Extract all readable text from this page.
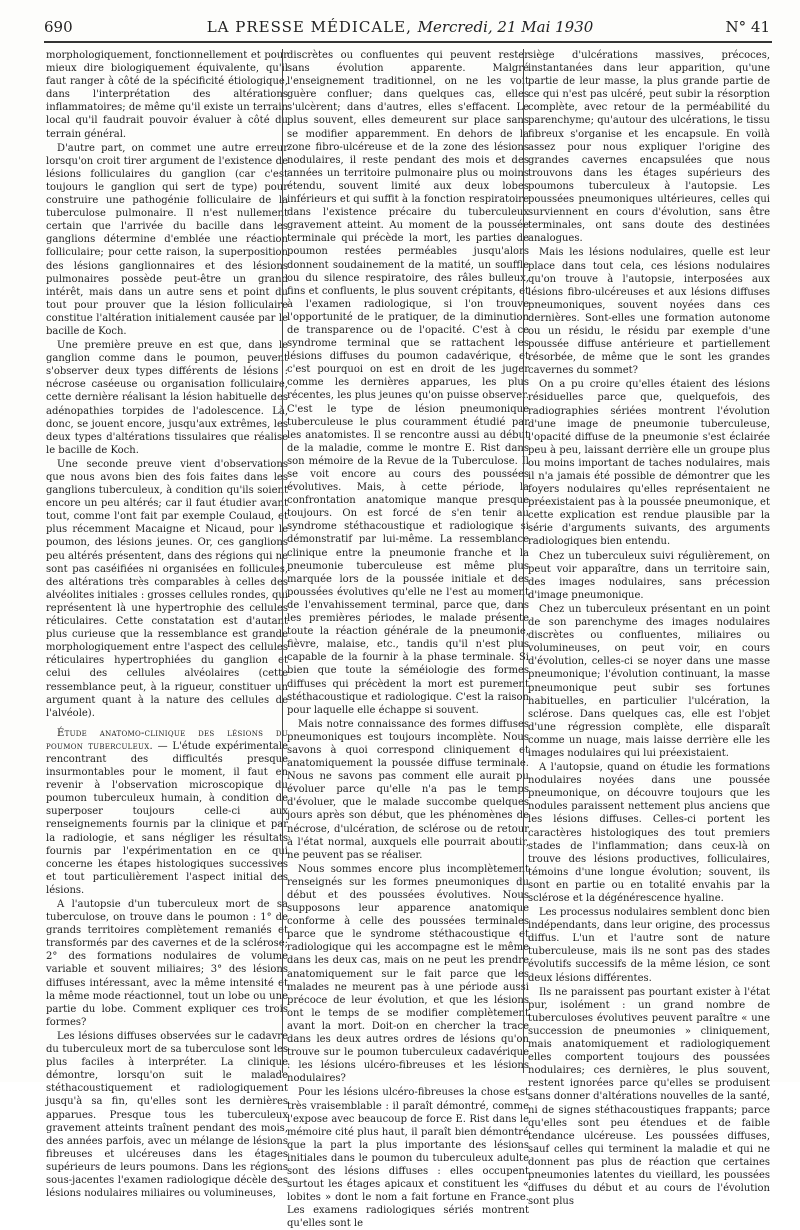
690	LA PRESSE MÉDICALE, Mercredi, 21 Mai 1930	N° 41

morphologiquement, fonctionnellement et pour mieux dire biologiquement équivalente, qu'il faut ranger à côté de la spécificité étiologique, dans l'interprétation des altérations inflammatoires; de même qu'il existe un terrain local qu'il faudrait pouvoir évaluer à côté du terrain général.

D'autre part, on commet une autre erreur lorsqu'on croit tirer argument de l'existence de lésions folliculaires du ganglion (car c'est toujours le ganglion qui sert de type) pour construire une pathogénie folliculaire de la tuberculose pulmonaire. Il n'est nullement certain que l'arrivée du bacille dans les ganglions détermine d'emblée une réaction folliculaire; pour cette raison, la superposition des lésions ganglionnaires et des lésions pulmonaires possède peut-être un grand intérêt, mais dans un autre sens et point du tout pour prouver que la lésion folliculaire constitue l'altération initialement causée par le bacille de Koch.

Une première preuve en est que, dans le ganglion comme dans le poumon, peuvent s'observer deux types différents de lésions : nécrose caséeuse ou organisation folliculaire, cette dernière réalisant la lésion habituelle des adénopathies torpides de l'adolescence. Là, donc, se jouent encore, jusqu'aux extrêmes, les deux types d'altérations tissulaires que réalise le bacille de Koch.

Une seconde preuve vient d'observations que nous avons bien des fois faites dans les ganglions tuberculeux, à condition qu'ils soient encore un peu altérés; car il faut étudier avant tout, comme l'ont fait par exemple Coulaud, et plus récemment Macaigne et Nicaud, pour le poumon, des lésions jeunes. Or, ces ganglions peu altérés présentent, dans des régions qui ne sont pas caséifiées ni organisées en follicules, des altérations très comparables à celles des alvéolites initiales : grosses cellules rondes, qui représentent là une hypertrophie des cellules réticulaires. Cette constatation est d'autant plus curieuse que la ressemblance est grande morphologiquement entre l'aspect des cellules réticulaires hypertrophiées du ganglion et celui des cellules alvéolaires (cette ressemblance peut, à la rigueur, constituer un argument quant à la nature des cellules de l'alvéole).

Étude anatomo-clinique des lésions du poumon tuberculeux. — L'étude expérimentale rencontrant des difficultés presque insurmontables pour le moment, il faut en revenir à l'observation microscopique du poumon tuberculeux humain, à condition de superposer toujours celle-ci aux renseignements fournis par la clinique et par la radiologie, et sans négliger les résultats fournis par l'expérimentation en ce qui concerne les étapes histologiques successives et tout particulièrement l'aspect initial des lésions.

A l'autopsie d'un tuberculeux mort de sa tuberculose, on trouve dans le poumon : 1° de grands territoires complètement remaniés et transformés par des cavernes et de la sclérose; 2° des formations nodulaires de volume variable et souvent miliaires; 3° des lésions diffuses intéressant, avec la même intensité et la même mode réactionnel, tout un lobe ou une partie du lobe. Comment expliquer ces trois formes?

Les lésions diffuses observées sur le cadavre du tuberculeux mort de sa tuberculose sont les plus faciles à interpréter. La clinique démontre, lorsqu'on suit le malade stéthacoustiquement et radiologiquement jusqu'à sa fin, qu'elles sont les dernières apparues. Presque tous les tuberculeux gravement atteints traînent pendant des mois, des années parfois, avec un mélange de lésions fibreuses et ulcéreuses dans les étages supérieurs de leurs poumons. Dans les régions sous-jacentes l'examen radiologique décèle des lésions nodulaires miliaires ou volumineuses,

discrètes ou confluentes qui peuvent rester sans évolution apparente. Malgré l'enseignement traditionnel, on ne les voit guère confluer; dans quelques cas, elles s'ulcèrent; dans d'autres, elles s'effacent. Le plus souvent, elles demeurent sur place sans se modifier apparemment. En dehors de la zone fibro-ulcéreuse et de la zone des lésions nodulaires, il reste pendant des mois et des années un territoire pulmonaire plus ou moins étendu, souvent limité aux deux lobes inférieurs et qui suffit à la fonction respiratoire dans l'existence précaire du tuberculeux gravement atteint. Au moment de la poussée terminale qui précède la mort, les parties de poumon restées perméables jusqu'alors donnent soudainement de la matité, un souffle ou du silence respiratoire, des râles bulleux, fins et confluents, le plus souvent crépitants, et à l'examen radiologique, si l'on trouve l'opportunité de le pratiquer, de la diminution de transparence ou de l'opacité. C'est à ce syndrome terminal que se rattachent les lésions diffuses du poumon cadavérique, et c'est pourquoi on est en droit de les juger comme les dernières apparues, les plus récentes, les plus jeunes qu'on puisse observer. C'est le type de lésion pneumonique tuberculeuse le plus couramment étudié par les anatomistes. Il se rencontre aussi au début de la maladie, comme le montre E. Rist dans son mémoire de la Revue de la Tuberculose. Il se voit encore au cours des poussées évolutives. Mais, à cette période, la confrontation anatomique manque presque toujours. On est forcé de s'en tenir au syndrome stéthacoustique et radiologique si démonstratif par lui-même. La ressemblance clinique entre la pneumonie franche et la pneumonie tuberculeuse est même plus marquée lors de la poussée initiale et des poussées évolutives qu'elle ne l'est au moment de l'envahissement terminal, parce que, dans les premières périodes, le malade présente toute la réaction générale de la pneumonie, fièvre, malaise, etc., tandis qu'il n'est plus capable de la fournir à la phase terminale. Si bien que toute la séméiologie des formes diffuses qui précèdent la mort est purement stéthacoustique et radiologique. C'est la raison pour laquelle elle échappe si souvent.

Mais notre connaissance des formes diffuses pneumoniques est toujours incomplète. Nous savons à quoi correspond cliniquement et anatomiquement la poussée diffuse terminale. Nous ne savons pas comment elle aurait pu évoluer parce qu'elle n'a pas le temps d'évoluer, que le malade succombe quelques jours après son début, que les phénomènes de nécrose, d'ulcération, de sclérose ou de retour à l'état normal, auxquels elle pourrait aboutir, ne peuvent pas se réaliser.

Nous sommes encore plus incomplètement renseignés sur les formes pneumoniques du début et des poussées évolutives. Nous supposons leur apparence anatomique conforme à celle des poussées terminales parce que le syndrome stéthacoustique et radiologique qui les accompagne est le même dans les deux cas, mais on ne peut les prendre anatomiquement sur le fait parce que les malades ne meurent pas à une période aussi précoce de leur évolution, et que les lésions ont le temps de se modifier complètement avant la mort. Doit-on en chercher la trace dans les deux autres ordres de lésions qu'on trouve sur le poumon tuberculeux cadavérique : les lésions ulcéro-fibreuses et les lésions nodulaires?

Pour les lésions ulcéro-fibreuses la chose est très vraisemblable : il paraît démontré, comme l'expose avec beaucoup de force E. Rist dans le mémoire cité plus haut, il paraît bien démontré que la part la plus importante des lésions initiales dans le poumon du tuberculeux adulte sont des lésions diffuses : elles occupent surtout les étages apicaux et constituent les « lobites » dont le nom a fait fortune en France. Les examens radiologiques sériés montrent qu'elles sont le

siège d'ulcérations massives, précoces, instantanées dans leur apparition, qu'une partie de leur masse, la plus grande partie de ce qui n'est pas ulcéré, peut subir la résorption complète, avec retour de la perméabilité du parenchyme; qu'autour des ulcérations, le tissu fibreux s'organise et les encapsule. En voilà assez pour nous expliquer l'origine des grandes cavernes encapsulées que nous trouvons dans les étages supérieurs des poumons tuberculeux à l'autopsie. Les poussées pneumoniques ultérieures, celles qui surviennent en cours d'évolution, sans être terminales, ont sans doute des destinées analogues.

Mais les lésions nodulaires, quelle est leur place dans tout cela, ces lésions nodulaires qu'on trouve à l'autopsie, interposées aux lésions fibro-ulcéreuses et aux lésions diffuses pneumoniques, souvent noyées dans ces dernières. Sont-elles une formation autonome ou un résidu, le résidu par exemple d'une poussée diffuse antérieure et partiellement résorbée, de même que le sont les grandes cavernes du sommet?

On a pu croire qu'elles étaient des lésions résiduelles parce que, quelquefois, des radiographies sériées montrent l'évolution d'une image de pneumonie tuberculeuse, l'opacité diffuse de la pneumonie s'est éclairée peu à peu, laissant derrière elle un groupe plus ou moins important de taches nodulaires, mais il n'a jamais été possible de démontrer que les foyers nodulaires qu'elles représentaient ne préexistaient pas à la poussée pneumonique, et cette explication est rendue plausible par la série d'arguments suivants, des arguments radiologiques bien entendu.

Chez un tuberculeux suivi régulièrement, on peut voir apparaître, dans un territoire sain, des images nodulaires, sans précession d'image pneumonique.

Chez un tuberculeux présentant en un point de son parenchyme des images nodulaires discrètes ou confluentes, miliaires ou volumineuses, on peut voir, en cours d'évolution, celles-ci se noyer dans une masse pneumonique; l'évolution continuant, la masse pneumonique peut subir ses fortunes habituelles, en particulier l'ulcération, la sclérose. Dans quelques cas, elle est l'objet d'une régression complète, elle disparaît comme un nuage, mais laisse derrière elle les images nodulaires qui lui préexistaient.

A l'autopsie, quand on étudie les formations nodulaires noyées dans une poussée pneumonique, on découvre toujours que les nodules paraissent nettement plus anciens que les lésions diffuses. Celles-ci portent les caractères histologiques des tout premiers stades de l'inflammation; dans ceux-là on trouve des lésions productives, folliculaires, témoins d'une longue évolution; souvent, ils sont en partie ou en totalité envahis par la sclérose et la dégénérescence hyaline.

Les processus nodulaires semblent donc bien indépendants, dans leur origine, des processus diffus. L'un et l'autre sont de nature tuberculeuse, mais ils ne sont pas des stades évolutifs successifs de la même lésion, ce sont deux lésions différentes.

Ils ne paraissent pas pourtant exister à l'état pur, isolément : un grand nombre de tuberculoses évolutives peuvent paraître « une succession de pneumonies » cliniquement, mais anatomiquement et radiologiquement elles comportent toujours des poussées nodulaires; ces dernières, le plus souvent, restent ignorées parce qu'elles se produisent sans donner d'altérations nouvelles de la santé, ni de signes stéthacoustiques frappants; parce qu'elles sont peu étendues et de faible tendance ulcéreuse. Les poussées diffuses, sauf celles qui terminent la maladie et qui ne donnent pas plus de réaction que certaines pneumonies latentes du vieillard, les poussées diffuses du début et au cours de l'évolution sont plus
